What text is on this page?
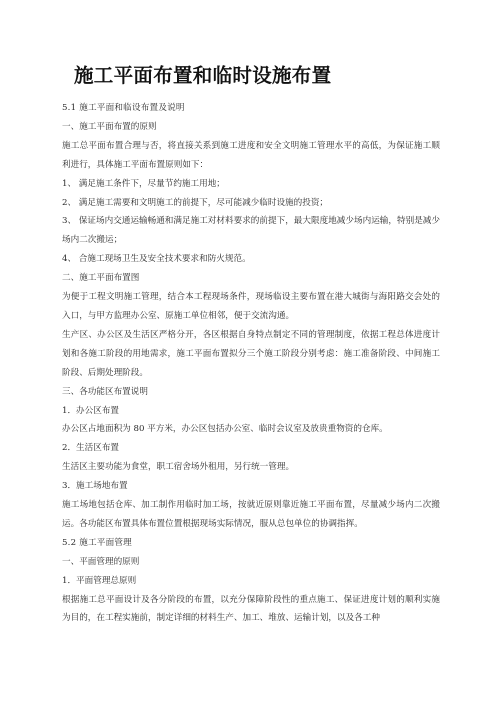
施工平面布置和临时设施布置

5.1 施工平面和临设布置及说明

一、施工平面布置的原则

施工总平面布置合理与否，将直接关系到施工进度和安全文明施工管理水平的高低，为保证施工顺利进行，具体施工平面布置原则如下：

1、 满足施工条件下，尽量节约施工用地；

2、 满足施工需要和文明施工的前提下，尽可能减少临时设施的投资；

3、 保证场内交通运输畅通和满足施工对材料要求的前提下，最大限度地减少场内运输，特别是减少场内二次搬运；

4、 合施工现场卫生及安全技术要求和防火规范。

二、施工平面布置图

为便于工程文明施工管理，结合本工程现场条件，现场临设主要布置在港大城街与海阳路交会处的入口，与甲方监理办公室、原施工单位相邻，便于交流沟通。

生产区、办公区及生活区严格分开，各区根据自身特点制定不同的管理制度，依据工程总体进度计划和各施工阶段的用地需求，施工平面布置拟分三个施工阶段分别考虑：施工准备阶段、中间施工阶段、后期处理阶段。

三、各功能区布置说明

1．办公区布置

办公区占地面积为 80 平方米，办公区包括办公室、临时会议室及放贵重物资的仓库。

2．生活区布置

生活区主要功能为食堂，职工宿舍场外租用，另行统一管理。

3．施工场地布置

施工场地包括仓库、加工制作用临时加工场，按就近原则靠近施工平面布置，尽量减少场内二次搬运。各功能区布置具体布置位置根据现场实际情况，服从总包单位的协调指挥。

5.2 施工平面管理

一、平面管理的原则

1．平面管理总原则

根据施工总平面设计及各分阶段的布置，以充分保障阶段性的重点施工、保证进度计划的顺利实施为目的，在工程实施前，制定详细的材料生产、加工、堆放、运输计划，以及各工种
